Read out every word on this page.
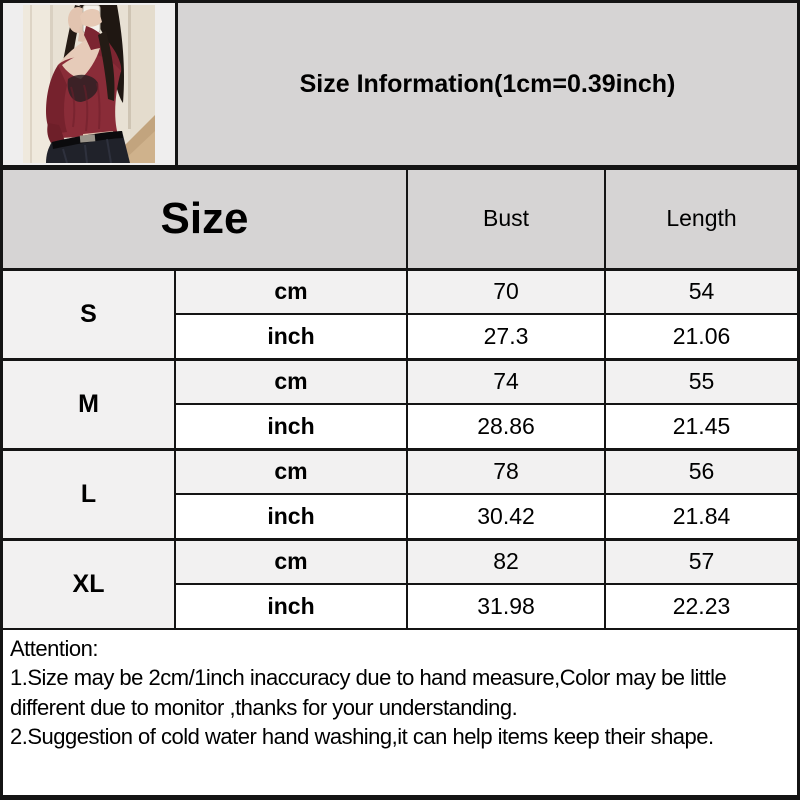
Size Information(1cm=0.39inch)
Size		Bust	Length
S	cm	70	54
	inch	27.3	21.06
M	cm	74	55
	inch	28.86	21.45
L	cm	78	56
	inch	30.42	21.84
XL	cm	82	57
	inch	31.98	22.23

Attention:

1.Size may be 2cm/1inch inaccuracy due to hand measure,Color may be little different due to monitor ,thanks for your understanding.

2.Suggestion of cold water hand washing,it can help items keep their shape.
